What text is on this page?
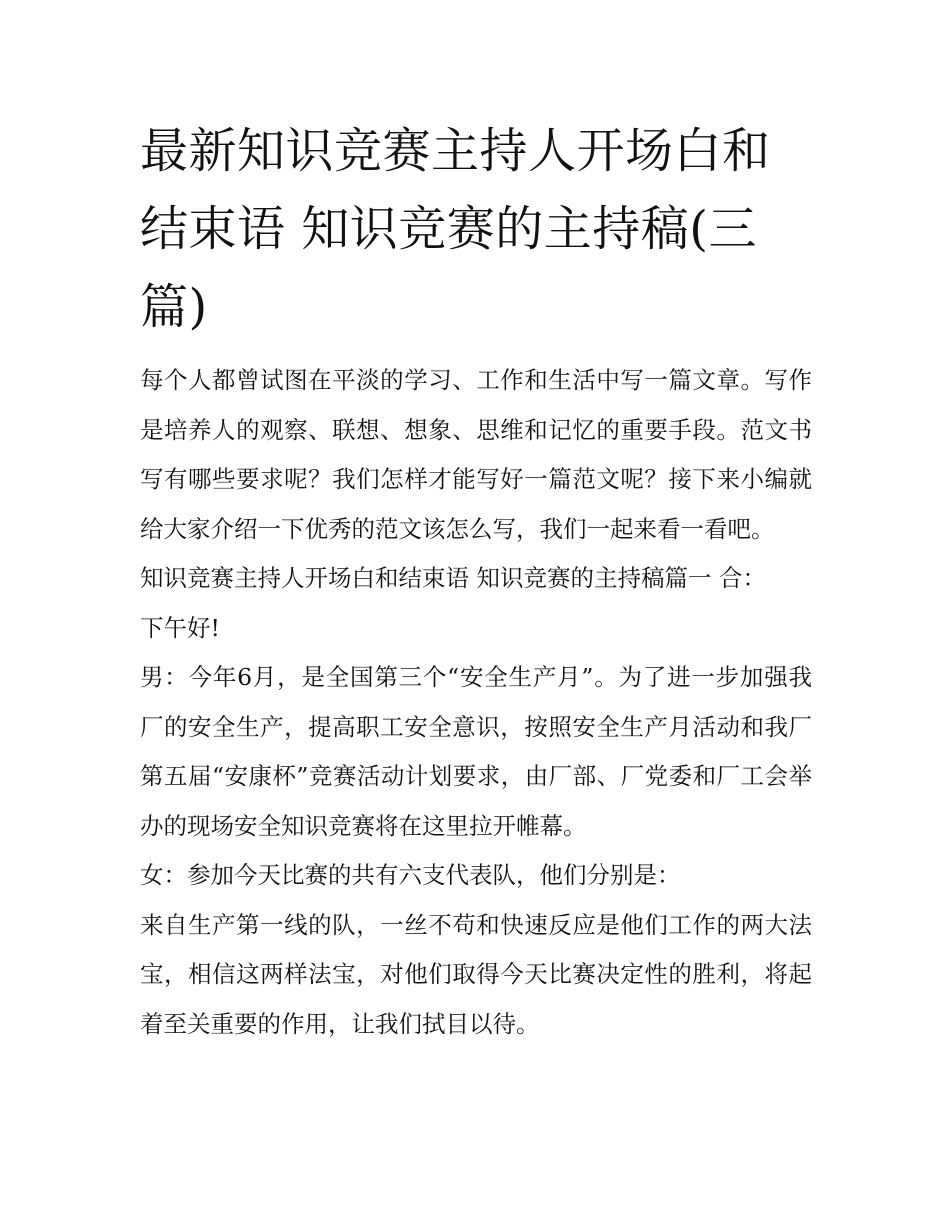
最新知识竞赛主持人开场白和结束语 知识竞赛的主持稿(三篇)

每个人都曾试图在平淡的学习、工作和生活中写一篇文章。写作是培养人的观察、联想、想象、思维和记忆的重要手段。范文书写有哪些要求呢？我们怎样才能写好一篇范文呢？接下来小编就给大家介绍一下优秀的范文该怎么写，我们一起来看一看吧。

知识竞赛主持人开场白和结束语 知识竞赛的主持稿篇一 合：

下午好!

男：今年6月，是全国第三个“安全生产月”。为了进一步加强我厂的安全生产，提高职工安全意识，按照安全生产月活动和我厂第五届“安康杯”竞赛活动计划要求，由厂部、厂党委和厂工会举办的现场安全知识竞赛将在这里拉开帷幕。

女：参加今天比赛的共有六支代表队，他们分别是：

来自生产第一线的队，一丝不苟和快速反应是他们工作的两大法宝，相信这两样法宝，对他们取得今天比赛决定性的胜利，将起着至关重要的作用，让我们拭目以待。
